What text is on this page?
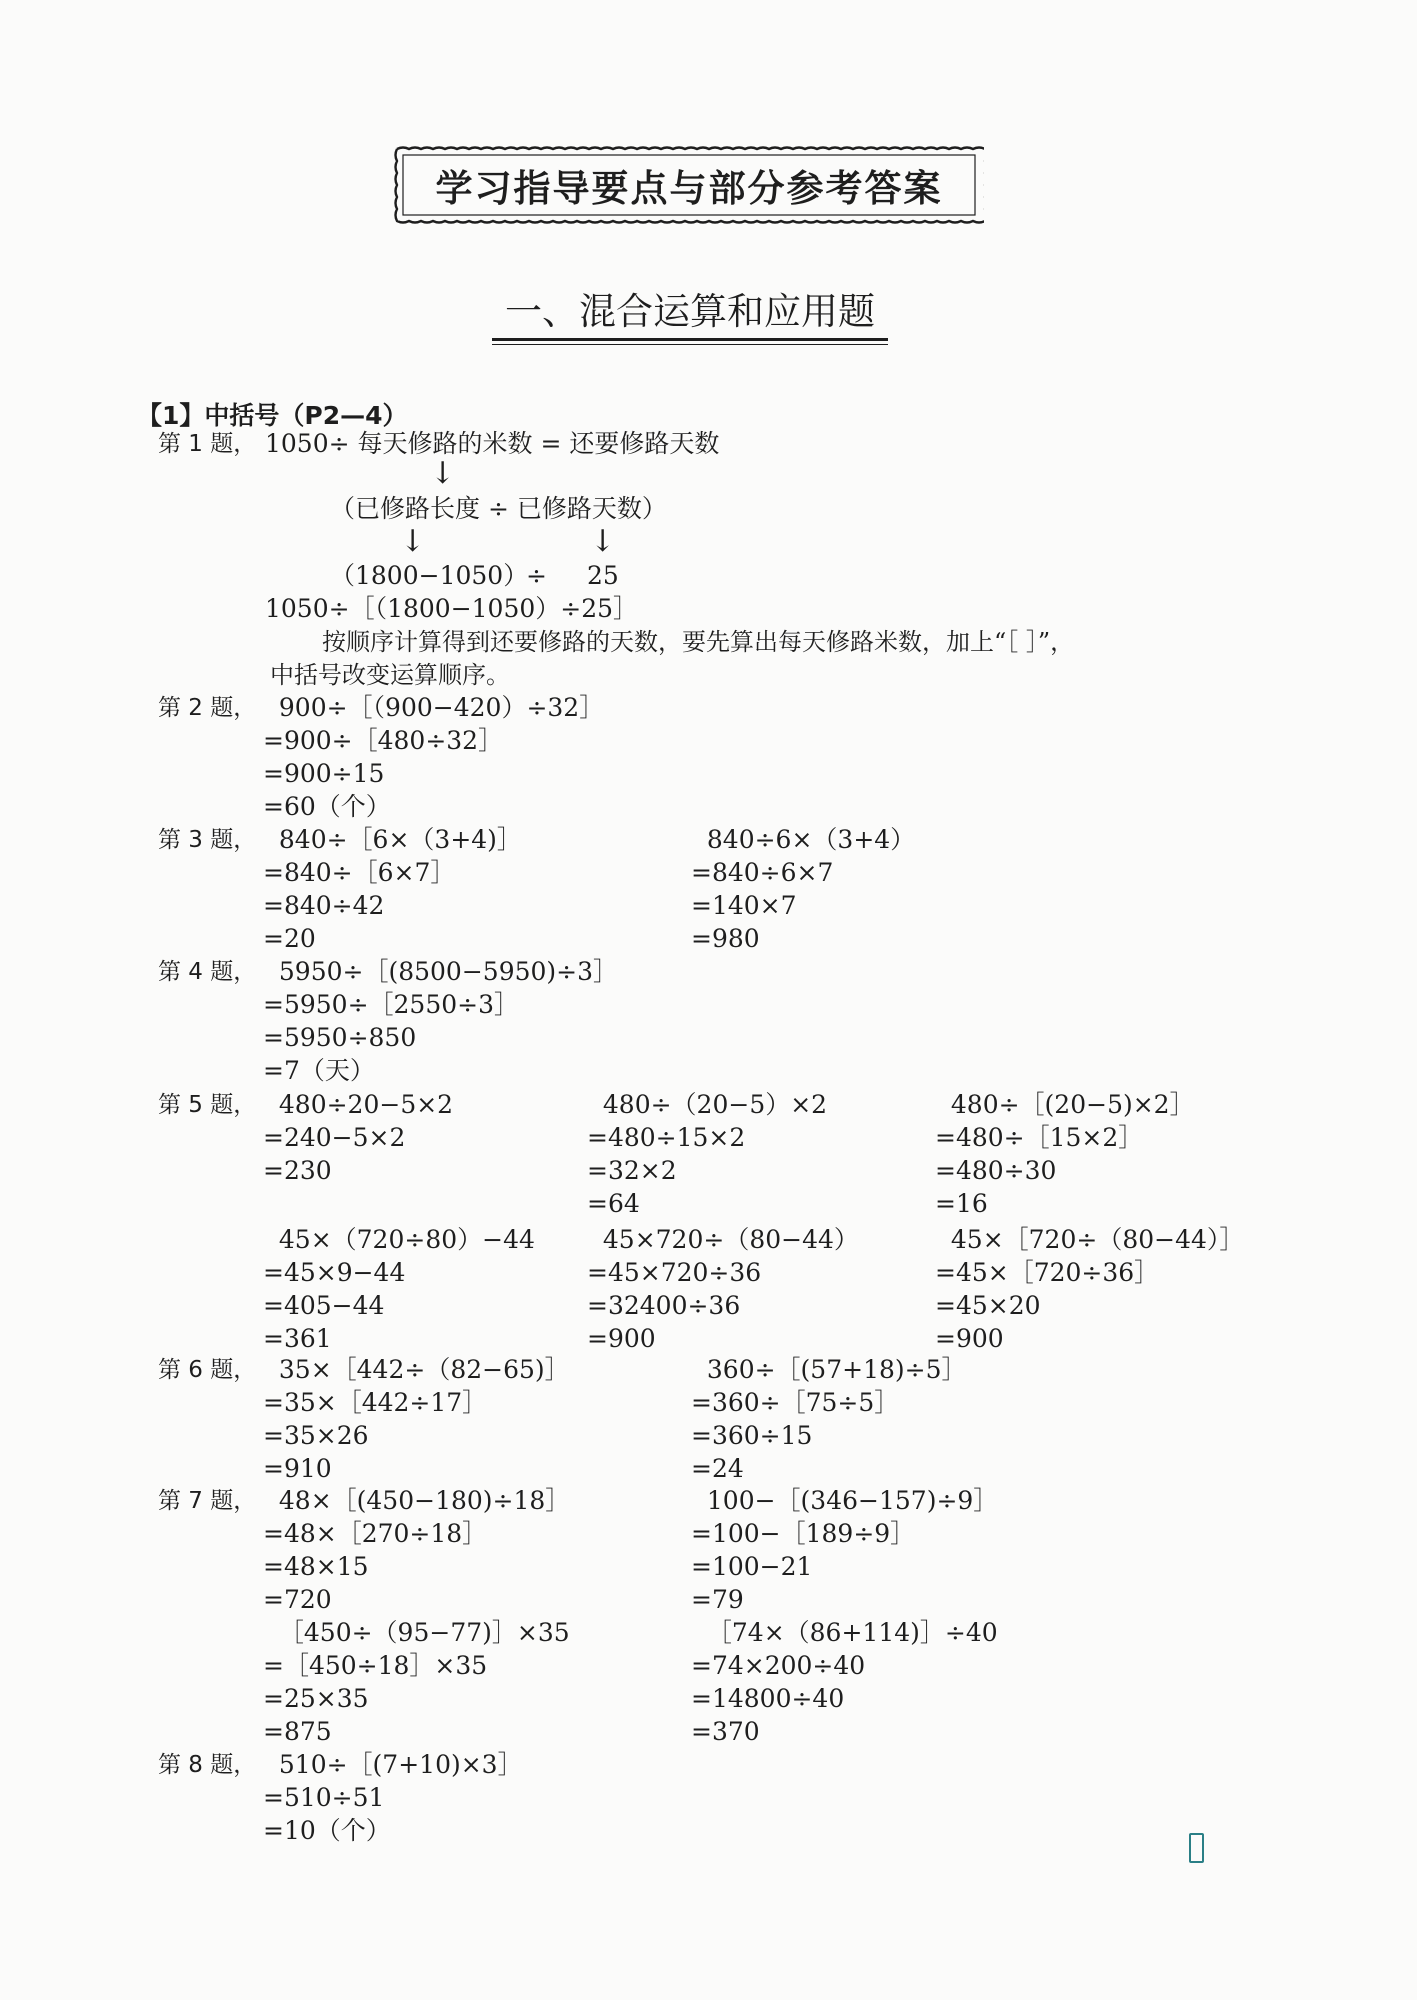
学习指导要点与部分参考答案
一、混合运算和应用题
【1】中括号（P2—4）
第 1 题， 1050÷ 每天修路的米数 = 还要修路天数
↓
（已修路长度 ÷ 已修路天数）
↓	↓
（1800−1050）
÷ 25
1050÷［（1800−1050）÷25］
按顺序计算得到还要修路的天数，要先算出每天修路米数，加上“［ ］”，
中括号改变运算顺序。
第 2 题， 900÷［（900−420）÷32］
=900÷［480÷32］
=900÷15
=60（个）
第 3 题， 840÷［6×（3+4)］
=840÷［6×7］
=840÷42
=20
840÷6×（3+4）
=840÷6×7
=140×7
=980
第 4 题， 5950÷［(8500−5950)÷3］
=5950÷［2550÷3］
=5950÷850
=7（天）
第 5 题， 480÷20−5×2
=240−5×2
=230
480÷（20−5）×2
=480÷15×2
=32×2
=64
480÷［(20−5)×2］
=480÷［15×2］
=480÷30
=16
45×（720÷80）−44
=45×9−44
=405−44
=361
45×720÷（80−44）
=45×720÷36
=32400÷36
=900
45×［720÷（80−44）］
=45×［720÷36］
=45×20
=900
第 6 题， 35×［442÷（82−65)］
=35×［442÷17］
=35×26
=910
360÷［(57+18)÷5］
=360÷［75÷5］
=360÷15
=24
第 7 题， 48×［(450−180)÷18］
=48×［270÷18］
=48×15
=720
100−［(346−157)÷9］
=100−［189÷9］
=100−21
=79
［450÷（95−77)］×35
=［450÷18］×35
=25×35
=875
［74×（86+114)］÷40
=74×200÷40
=14800÷40
=370
第 8 题， 510÷［(7+10)×3］
=510÷51
=10（个）
